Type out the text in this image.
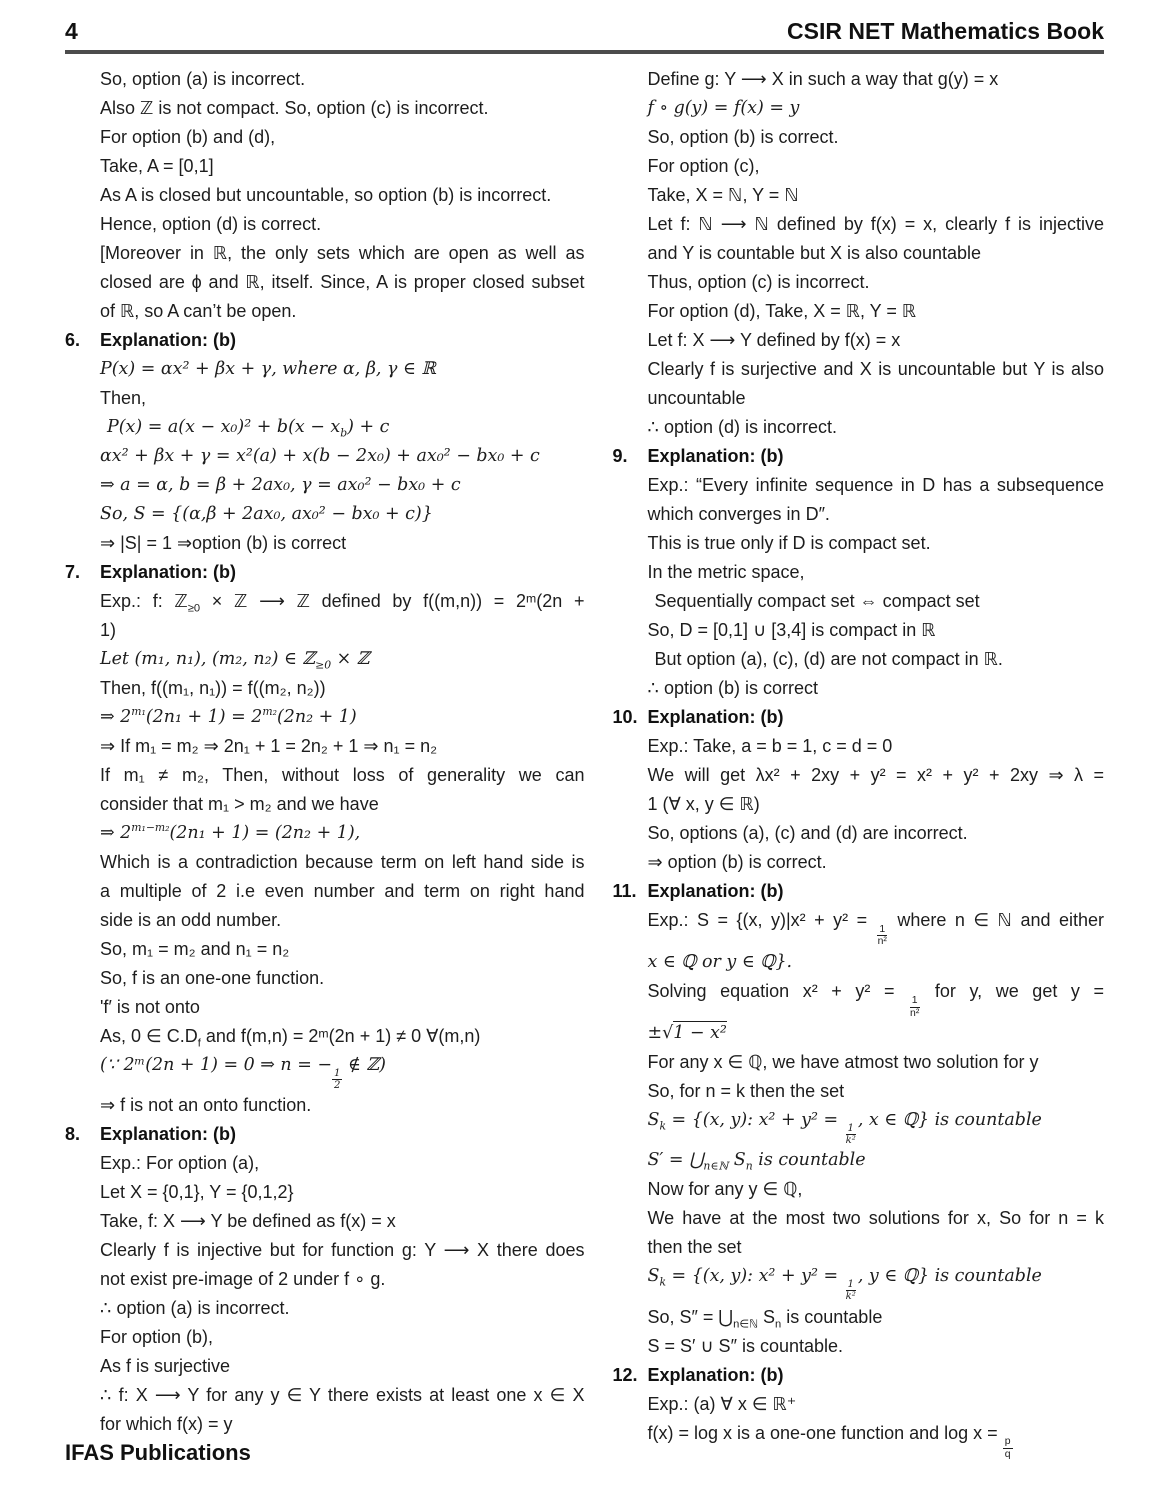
4	CSIR NET Mathematics Book
So, option (a) is incorrect.
Also ℤ is not compact. So, option (c) is incorrect.
For option (b) and (d),
Take, A = [0,1]
As A is closed but uncountable, so option (b) is incorrect.
Hence, option (d) is correct.
[Moreover in ℝ, the only sets which are open as well as
closed are ϕ and ℝ, itself. Since, A is proper closed subset
of ℝ, so A can’t be open.
6.	Explanation: (b)
P(x) = αx² + βx + γ, where α, β, γ ∈ ℝ
Then,
$P(x) = a(x - x_0)^2 + b(x - x_b) + c$
αx² + βx + γ = x²(a) + x(b − 2x₀) + ax₀² − bx₀ + c
⇒ a = α, b = β + 2ax₀, γ = ax₀² − bx₀ + c
So, S = {(α,β + 2ax₀, ax₀² − bx₀ + c)}
⇒ |S| = 1 ⇒option (b) is correct
7.	Explanation: (b)
Exp.: f: ℤ$_{\ge 0}$ × ℤ ⟶ ℤ defined by f((m,n)) = 2ᵐ(2n +
1)
Let (m₁, n₁), (m₂, n₂) ∈ ℤ$_{\ge 0}$ × ℤ
Then, f((m₁, n₁)) = f((m₂, n₂))
⇒ $2^{m_1}(2n_1 + 1) = 2^{m_2}(2n_2 + 1)$
⇒ If m₁ = m₂ ⇒ 2n₁ + 1 = 2n₂ + 1 ⇒ n₁ = n₂
If m₁ ≠ m₂, Then, without loss of generality we can
consider that m₁ > m₂ and we have
⇒ $2^{m_1-m_2}(2n_1 + 1) = (2n_2 + 1)$,
Which is a contradiction because term on left hand side is
a multiple of 2 i.e even number and term on right hand
side is an odd number.
So, m₁ = m₂ and n₁ = n₂
So, f is an one-one function.
'f′ is not onto
As, 0 ∈ $C.D_f$ and f(m,n) = 2ᵐ(2n + 1) ≠ 0 ∀(m,n)
(∵ 2ᵐ(2n + 1) = 0 ⇒ n = −
$\frac{1}{2}$
∉ ℤ)
⇒ f is not an onto function.
8.	Explanation: (b)
Exp.: For option (a),
Let X = {0,1}, Y = {0,1,2}
Take, f: X ⟶ Y be defined as f(x) = x
Clearly f is injective but for function g: Y ⟶ X there does
not exist pre-image of 2 under f ∘ g.
∴ option (a) is incorrect.
For option (b),
As f is surjective
∴ f: X ⟶ Y for any y ∈ Y there exists at least one x ∈ X
for which f(x) = y
Define g: Y ⟶ X in such a way that g(y) = x
f ∘ g(y) = f(x) = y
So, option (b) is correct.
For option (c),
Take, X = ℕ, Y = ℕ
Let f: ℕ ⟶ ℕ defined by f(x) = x, clearly f is injective
and Y is countable but X is also countable
Thus, option (c) is incorrect.
For option (d), Take, X = ℝ, Y = ℝ
Let f: X ⟶ Y defined by f(x) = x
Clearly f is surjective and X is uncountable but Y is also
uncountable
∴ option (d) is incorrect.
9.	Explanation: (b)
Exp.: “Every infinite sequence in D has a subsequence
which converges in D″.
This is true only if D is compact set.
In the metric space,
Sequentially compact set ⇔ compact set
So, D = [0,1] ∪ [3,4] is compact in ℝ
But option (a), (c), (d) are not compact in ℝ.
∴ option (b) is correct
10. Explanation: (b)
Exp.: Take, a = b = 1, c = d = 0
We will get λx² + 2xy + y² = x² + y² + 2xy ⇒ λ =
1 (∀ x, y ∈ ℝ)
So, options (a), (c) and (d) are incorrect.
⇒ option (b) is correct.
11. Explanation: (b)
Exp.: S = {(x, y)|x² + y² =
$\frac{1}{\text{n²}}$
where n ∈ ℕ and either
x ∈ ℚ or y ∈ ℚ}.
Solving equation x² + y² =
$\frac{1}{\text{n²}}$
for y, we get y =
±√1 − x²
For any x ∈ ℚ, we have atmost two solution for y
So, for n = k then the set
$S_k = \{(x$, y): x² + y² =
$\frac{1}{\text{k²}}$
, x ∈ ℚ} is countable
$S' = ⋃_{n\in ℕ}$ $S_n$ is countable
Now for any y ∈ ℚ,
We have at the most two solutions for x, So for n = k
then the set
$S_k = \{(x$, y): x² + y² =
$\frac{1}{\text{k²}}$
, y ∈ ℚ} is countable
So, $S'' = ⋃_{n\in ℕ}$ $S_n$ is countable
S = S′ ∪ S″ is countable.
12. Explanation: (b)
Exp.: (a) ∀ x ∈ ℝ⁺
f(x) = log x is a one-one function and log x =
$\frac{p}{q}$
IFAS Publications
